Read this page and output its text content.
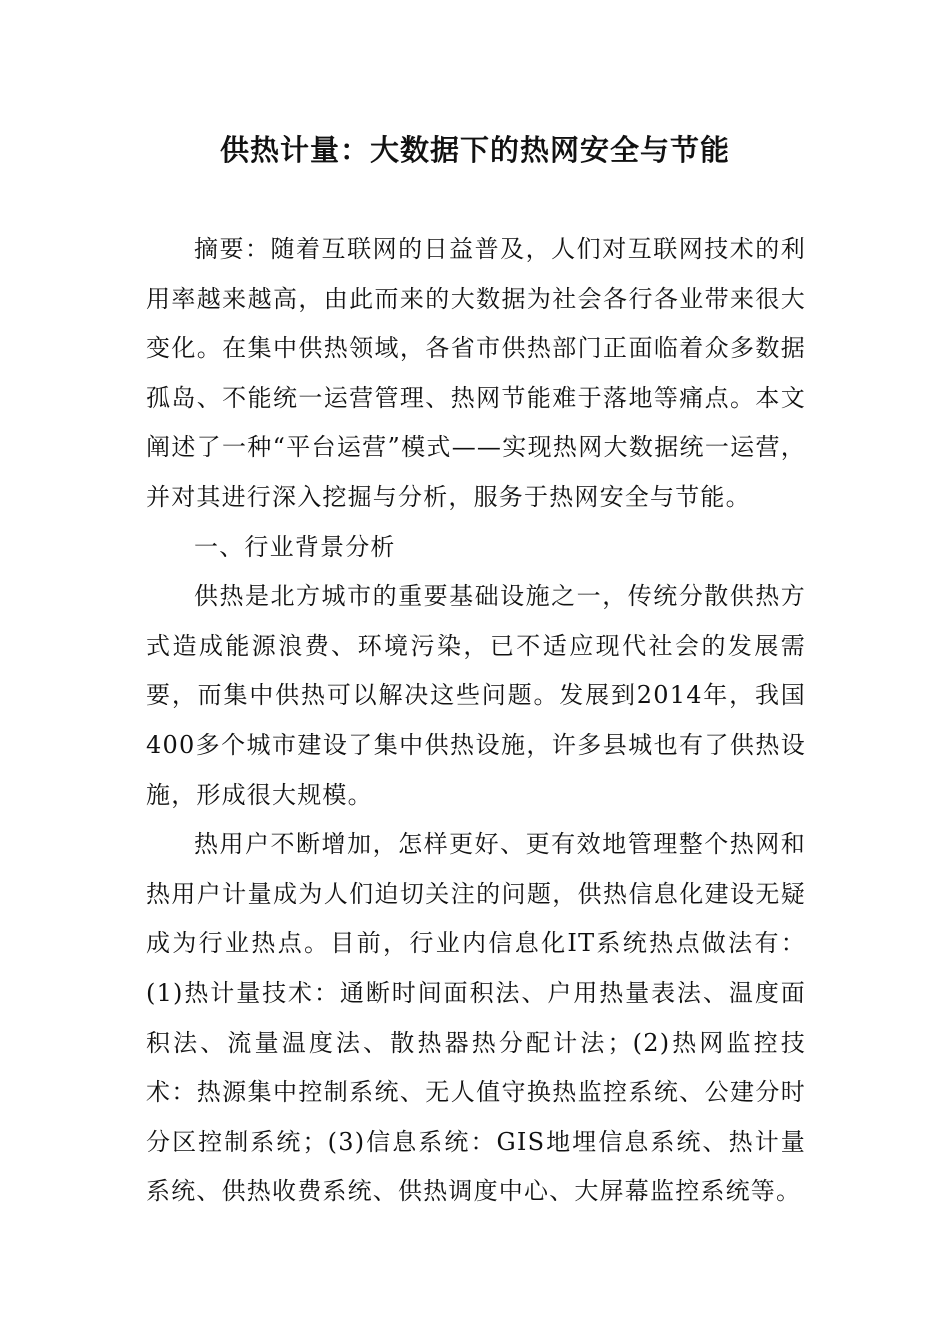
供热计量：大数据下的热网安全与节能

摘要：随着互联网的日益普及，人们对互联网技术的利用率越来越高，由此而来的大数据为社会各行各业带来很大变化。在集中供热领域，各省市供热部门正面临着众多数据孤岛、不能统一运营管理、热网节能难于落地等痛点。本文阐述了一种“平台运营”模式——实现热网大数据统一运营，并对其进行深入挖掘与分析，服务于热网安全与节能。

一、行业背景分析

供热是北方城市的重要基础设施之一，传统分散供热方式造成能源浪费、环境污染，已不适应现代社会的发展需要，而集中供热可以解决这些问题。发展到2014年，我国400多个城市建设了集中供热设施，许多县城也有了供热设施，形成很大规模。

热用户不断增加，怎样更好、更有效地管理整个热网和热用户计量成为人们迫切关注的问题，供热信息化建设无疑成为行业热点。目前，行业内信息化IT系统热点做法有：(1)热计量技术：通断时间面积法、户用热量表法、温度面积法、流量温度法、散热器热分配计法；(2)热网监控技术：热源集中控制系统、无人值守换热监控系统、公建分时分区控制系统；(3)信息系统：GIS地埋信息系统、热计量系统、供热收费系统、供热调度中心、大屏幕监控系统等。
